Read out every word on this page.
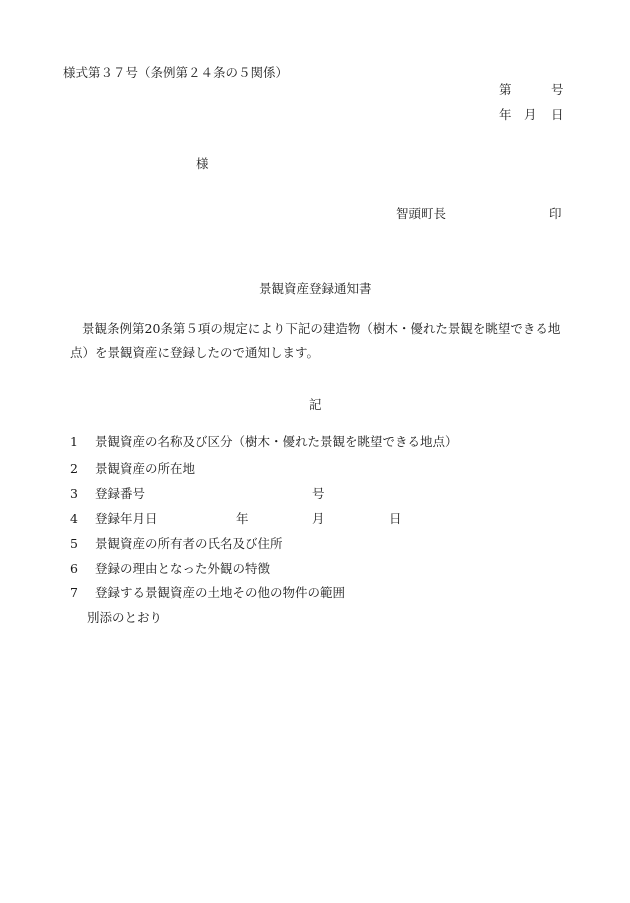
様式第３７号（条例第２４条の５関係）
第	号
年 月 日
様
智頭町長	印
景観資産登録通知書
景観条例第20条第５項の規定により下記の建造物（樹木・優れた景観を眺望できる地
点）を景観資産に登録したので通知します。
記
1 景観資産の名称及び区分（樹木・優れた景観を眺望できる地点）
2 景観資産の所在地
3 登録番号	号
4 登録年月日	年	月	日
5 景観資産の所有者の氏名及び住所
6 登録の理由となった外観の特徴
7 登録する景観資産の土地その他の物件の範囲
別添のとおり
